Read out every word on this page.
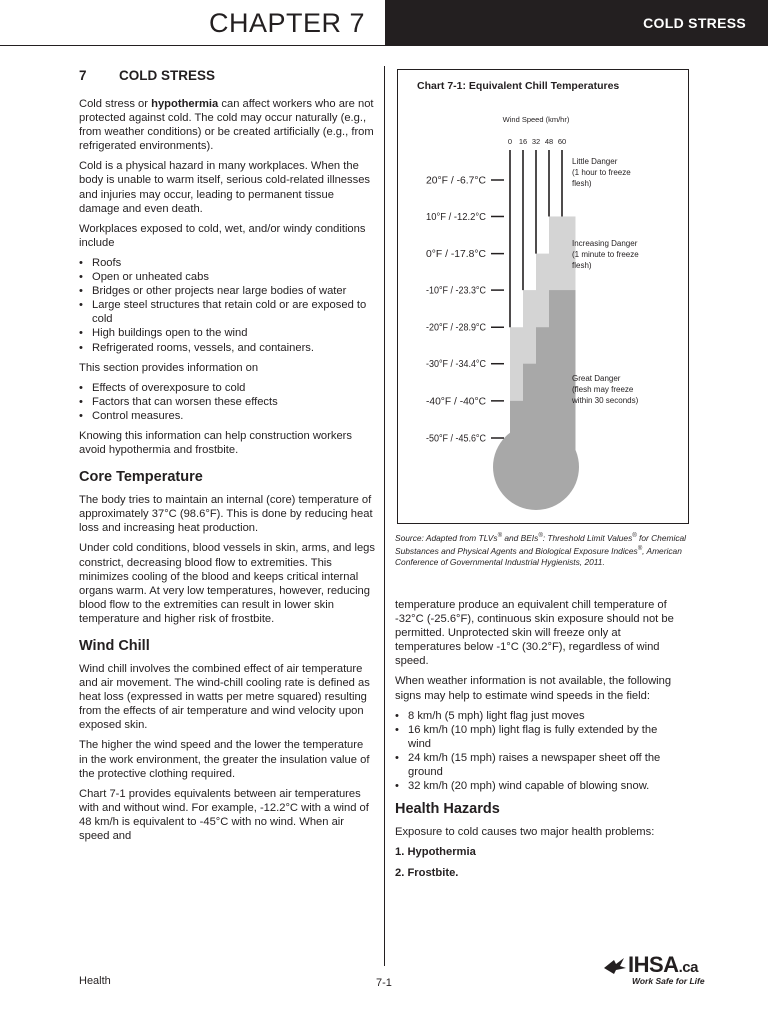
CHAPTER 7	COLD STRESS
7 COLD STRESS

Cold stress or hypothermia can affect workers who are not protected against cold. The cold may occur naturally (e.g., from weather conditions) or be created artificially (e.g., from refrigerated environments).

Cold is a physical hazard in many workplaces. When the body is unable to warm itself, serious cold-related illnesses and injuries may occur, leading to permanent tissue damage and even death.

Workplaces exposed to cold, wet, and/or windy conditions include

• Roofs
• Open or unheated cabs
• Bridges or other projects near large bodies of water
• Large steel structures that retain cold or are exposed to cold
• High buildings open to the wind
• Refrigerated rooms, vessels, and containers.

This section provides information on

• Effects of overexposure to cold
• Factors that can worsen these effects
• Control measures.

Knowing this information can help construction workers avoid hypothermia and frostbite.

Core Temperature

The body tries to maintain an internal (core) temperature of approximately 37°C (98.6°F). This is done by reducing heat loss and increasing heat production.

Under cold conditions, blood vessels in skin, arms, and legs constrict, decreasing blood flow to extremities. This minimizes cooling of the blood and keeps critical internal organs warm. At very low temperatures, however, reducing blood flow to the extremities can result in lower skin temperature and higher risk of frostbite.

Wind Chill

Wind chill involves the combined effect of air temperature and air movement. The wind-chill cooling rate is defined as heat loss (expressed in watts per metre squared) resulting from the effects of air temperature and wind velocity upon exposed skin.

The higher the wind speed and the lower the temperature in the work environment, the greater the insulation value of the protective clothing required.

Chart 7-1 provides equivalents between air temperatures with and without wind. For example, -12.2°C with a wind of 48 km/h is equivalent to -45°C with no wind. When air speed and

Chart 7-1: Equivalent Chill Temperatures
Wind Speed (km/hr)
0 16 32 48 60
20°F / -6.7°C
10°F / -12.2°C
0°F / -17.8°C
-10°F / -23.3°C
-20°F / -28.9°C
-30°F / -34.4°C
-40°F / -40°C
-50°F / -45.6°C
Little Danger
(1 hour to freeze
flesh)
Increasing Danger
(1 minute to freeze
flesh)
Great Danger
(flesh may freeze
within 30 seconds)
Source: Adapted from TLVs® and BEIs®: Threshold Limit Values® for Chemical Substances and Physical Agents and Biological Exposure Indices®, American Conference of Governmental Industrial Hygienists, 2011.

temperature produce an equivalent chill temperature of -32°C (-25.6°F), continuous skin exposure should not be permitted. Unprotected skin will freeze only at temperatures below -1°C (30.2°F), regardless of wind speed.

When weather information is not available, the following signs may help to estimate wind speeds in the field:

• 8 km/h (5 mph) light flag just moves
• 16 km/h (10 mph) light flag is fully extended by the wind
• 24 km/h (15 mph) raises a newspaper sheet off the ground
• 32 km/h (20 mph) wind capable of blowing snow.
Health Hazards

Exposure to cold causes two major health problems:

1. Hypothermia
2. Frostbite.
Health	7-1
IHSA.ca
Work Safe for Life
